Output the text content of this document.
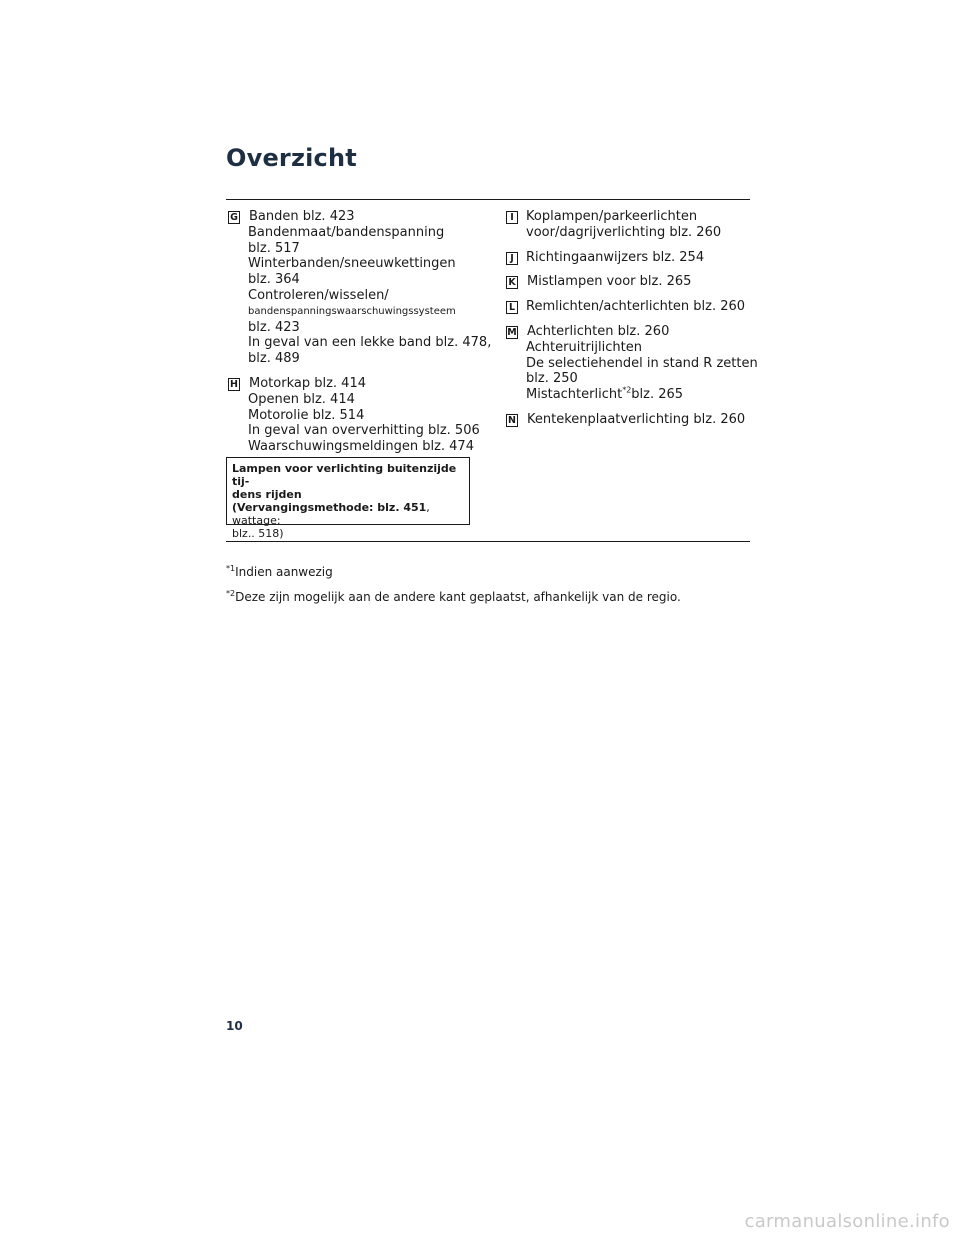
Overzicht
G Banden blz. 423
Bandenmaat/bandenspanning
blz. 517
Winterbanden/sneeuwkettingen
blz. 364
Controleren/wisselen/
bandenspanningswaarschuwingssysteem
blz. 423
In geval van een lekke band blz. 478,
blz. 489
H Motorkap blz. 414
Openen blz. 414
Motorolie blz. 514
In geval van oververhitting blz. 506
Waarschuwingsmeldingen blz. 474
Lampen voor verlichting buitenzijde tij-
dens rijden
(Vervangingsmethode: blz. 451, wattage:
blz.. 518)
I Koplampen/parkeerlichten
voor/dagrijverlichting blz. 260
J Richtingaanwijzers blz. 254
K Mistlampen voor blz. 265
L Remlichten/achterlichten blz. 260
M Achterlichten blz. 260
Achteruitrijlichten
De selectiehendel in stand R zetten
blz. 250
Mistachterlicht$^{*2}$blz. 265
N Kentekenplaatverlichting blz. 260

$^{*1}$Indien aanwezig

$^{*2}$Deze zijn mogelijk aan de andere kant geplaatst, afhankelijk van de regio.

10
carmanualsonline.info
